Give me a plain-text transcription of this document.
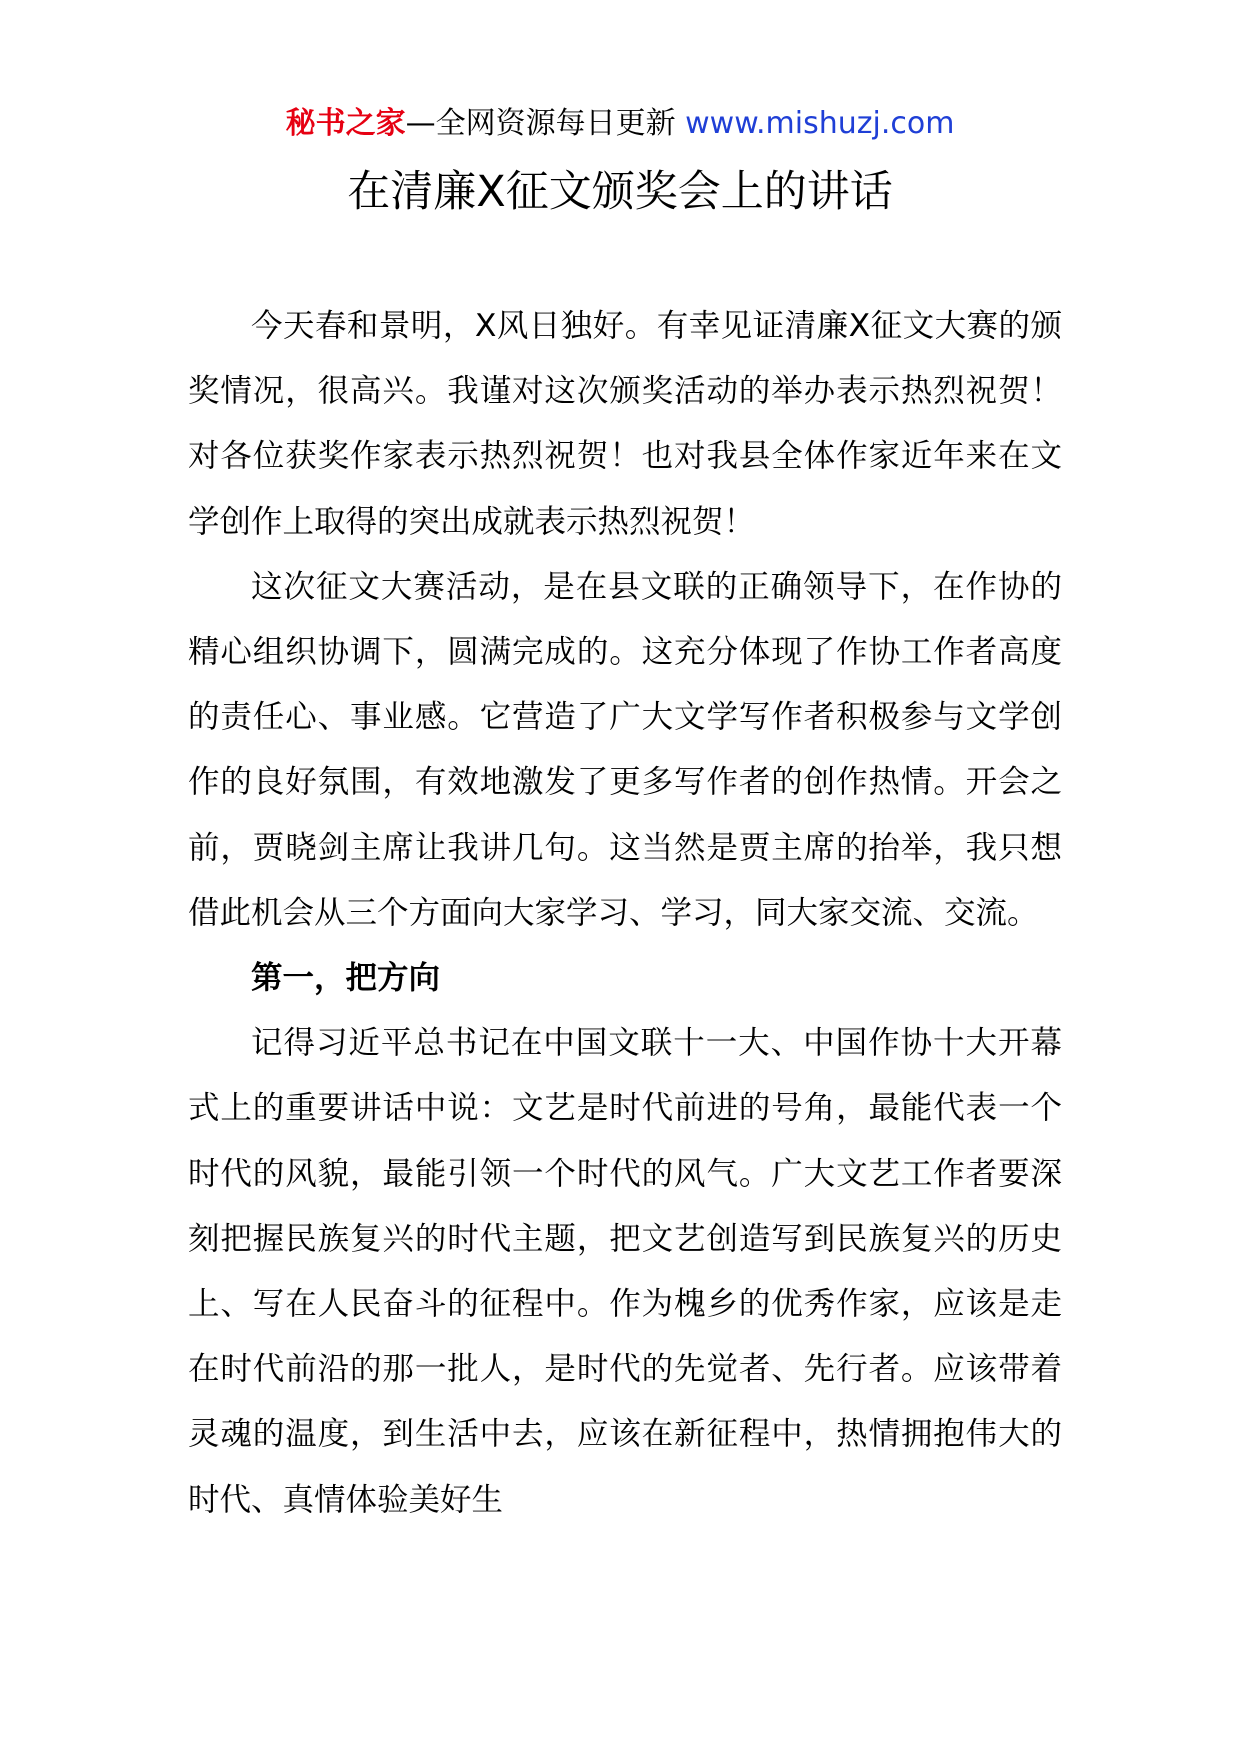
秘书之家—全网资源每日更新 www.mishuzj.com
在清廉X征文颁奖会上的讲话

今天春和景明，X风日独好。有幸见证清廉X征文大赛的颁奖情况，很高兴。我谨对这次颁奖活动的举办表示热烈祝贺！对各位获奖作家表示热烈祝贺！也对我县全体作家近年来在文学创作上取得的突出成就表示热烈祝贺！

这次征文大赛活动，是在县文联的正确领导下，在作协的精心组织协调下，圆满完成的。这充分体现了作协工作者高度的责任心、事业感。它营造了广大文学写作者积极参与文学创作的良好氛围，有效地激发了更多写作者的创作热情。开会之前，贾晓剑主席让我讲几句。这当然是贾主席的抬举，我只想借此机会从三个方面向大家学习、学习，同大家交流、交流。

第一，把方向

记得习近平总书记在中国文联十一大、中国作协十大开幕式上的重要讲话中说：文艺是时代前进的号角，最能代表一个时代的风貌，最能引领一个时代的风气。广大文艺工作者要深刻把握民族复兴的时代主题，把文艺创造写到民族复兴的历史上、写在人民奋斗的征程中。作为槐乡的优秀作家，应该是走在时代前沿的那一批人，是时代的先觉者、先行者。应该带着灵魂的温度，到生活中去，应该在新征程中，热情拥抱伟大的时代、真情体验美好生
